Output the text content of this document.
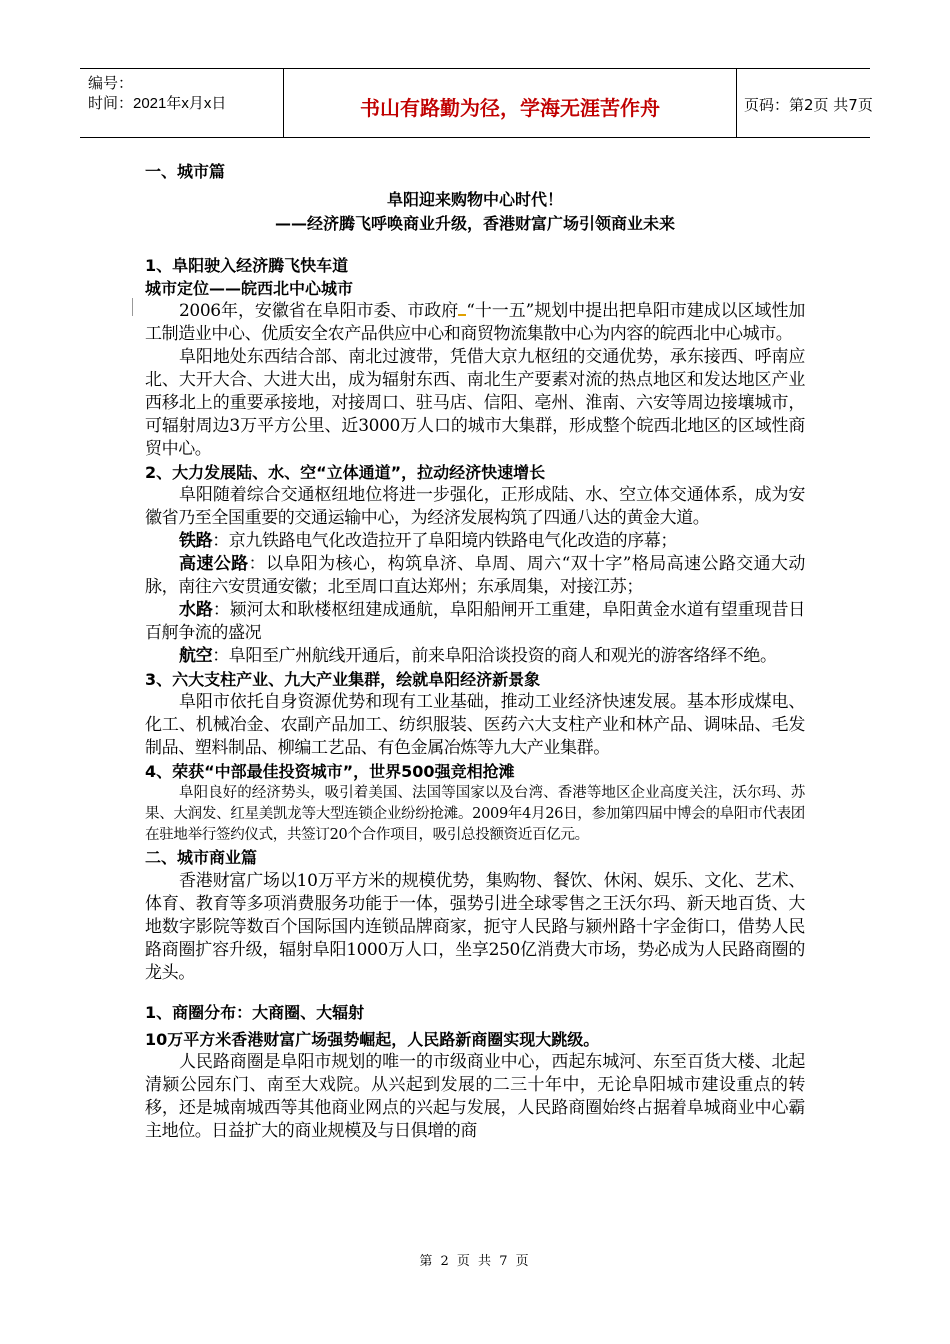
编号：
时间：2021年x月x日	书山有路勤为径，学海无涯苦作舟	页码：第2页 共7页

一、城市篇

阜阳迎来购物中心时代！

——经济腾飞呼唤商业升级，香港财富广场引领商业未来

1、阜阳驶入经济腾飞快车道

城市定位——皖西北中心城市

2006年，安徽省在阜阳市委、市政府 “十一五”规划中提出把阜阳市建成以区域性加工制造业中心、优质安全农产品供应中心和商贸物流集散中心为内容的皖西北中心城市。

阜阳地处东西结合部、南北过渡带，凭借大京九枢纽的交通优势，承东接西、呼南应北、大开大合、大进大出，成为辐射东西、南北生产要素对流的热点地区和发达地区产业西移北上的重要承接地，对接周口、驻马店、信阳、亳州、淮南、六安等周边接壤城市，可辐射周边3万平方公里、近3000万人口的城市大集群，形成整个皖西北地区的区域性商贸中心。

2、大力发展陆、水、空“立体通道”，拉动经济快速增长

阜阳随着综合交通枢纽地位将进一步强化，正形成陆、水、空立体交通体系，成为安徽省乃至全国重要的交通运输中心，为经济发展构筑了四通八达的黄金大道。

铁路：京九铁路电气化改造拉开了阜阳境内铁路电气化改造的序幕；

高速公路：以阜阳为核心，构筑阜济、阜周、周六“双十字”格局高速公路交通大动脉，南往六安贯通安徽；北至周口直达郑州；东承周集，对接江苏；

水路：颍河太和耿楼枢纽建成通航，阜阳船闸开工重建，阜阳黄金水道有望重现昔日百舸争流的盛况

航空：阜阳至广州航线开通后，前来阜阳洽谈投资的商人和观光的游客络绎不绝。

3、六大支柱产业、九大产业集群，绘就阜阳经济新景象

阜阳市依托自身资源优势和现有工业基础，推动工业经济快速发展。基本形成煤电、化工、机械冶金、农副产品加工、纺织服装、医药六大支柱产业和林产品、调味品、毛发制品、塑料制品、柳编工艺品、有色金属冶炼等九大产业集群。

4、荣获“中部最佳投资城市”，世界500强竞相抢滩

阜阳良好的经济势头，吸引着美国、法国等国家以及台湾、香港等地区企业高度关注，沃尔玛、苏果、大润发、红星美凯龙等大型连锁企业纷纷抢滩。2009年4月26日，参加第四届中博会的阜阳市代表团在驻地举行签约仪式，共签订20个合作项目，吸引总投额资近百亿元。

二、城市商业篇

香港财富广场以10万平方米的规模优势，集购物、餐饮、休闲、娱乐、文化、艺术、体育、教育等多项消费服务功能于一体，强势引进全球零售之王沃尔玛、新天地百货、大地数字影院等数百个国际国内连锁品牌商家，扼守人民路与颍州路十字金街口，借势人民路商圈扩容升级，辐射阜阳1000万人口，坐享250亿消费大市场，势必成为人民路商圈的龙头。

1、商圈分布：大商圈、大辐射

10万平方米香港财富广场强势崛起，人民路新商圈实现大跳级。

人民路商圈是阜阳市规划的唯一的市级商业中心，西起东城河、东至百货大楼、北起清颍公园东门、南至大戏院。从兴起到发展的二三十年中，无论阜阳城市建设重点的转移，还是城南城西等其他商业网点的兴起与发展，人民路商圈始终占据着阜城商业中心霸主地位。日益扩大的商业规模及与日俱增的商

第 2 页 共 7 页
